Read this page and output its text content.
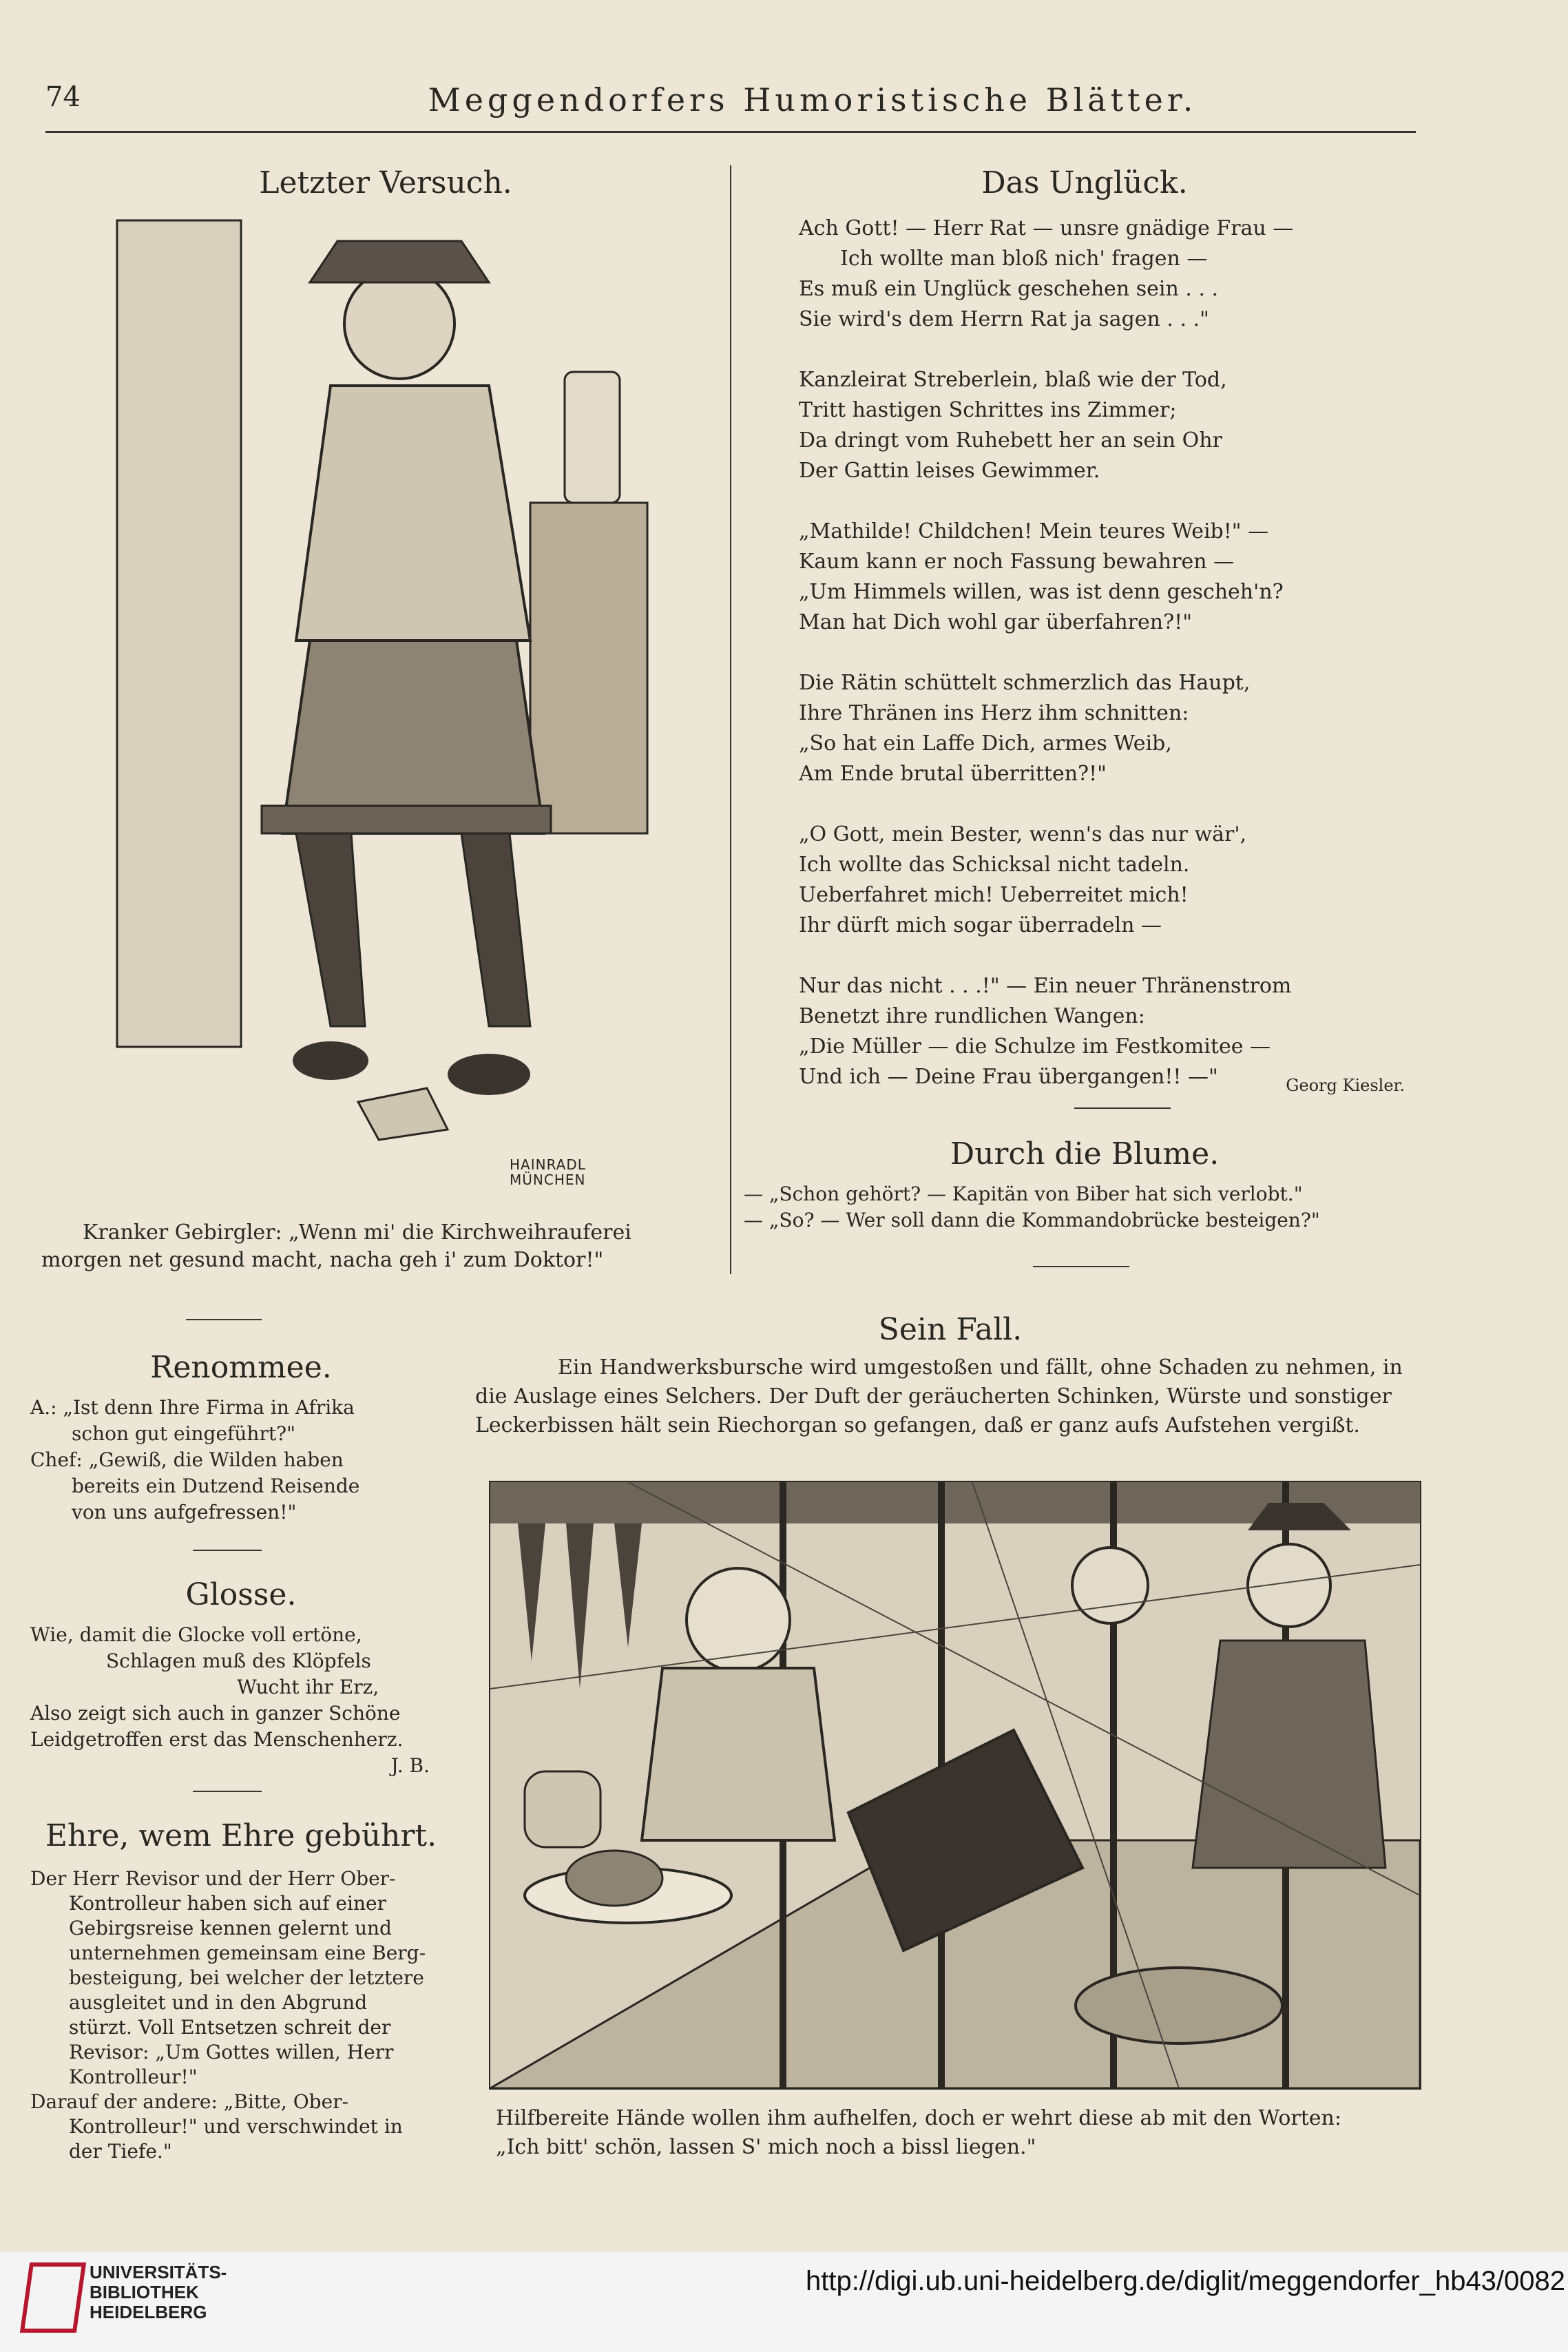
74	Meggendorfers Humoristische Blätter.
Letzter Versuch.
HAINRADL MÜNCHEN
Kranker Gebirgler: „Wenn mi' die Kirchweihrauferei morgen net gesund macht, nacha geh i' zum Doktor!"
Das Unglück.

Ach Gott! — Herr Rat — unsre gnädige Frau —

Ich wollte man bloß nich' fragen —

Es muß ein Unglück geschehen sein . . .

Sie wird's dem Herrn Rat ja sagen . . ."

Kanzleirat Streberlein, blaß wie der Tod,

Tritt hastigen Schrittes ins Zimmer;

Da dringt vom Ruhebett her an sein Ohr

Der Gattin leises Gewimmer.

„Mathilde! Childchen! Mein teures Weib!" —

Kaum kann er noch Fassung bewahren —

„Um Himmels willen, was ist denn gescheh'n?

Man hat Dich wohl gar überfahren?!"

Die Rätin schüttelt schmerzlich das Haupt,

Ihre Thränen ins Herz ihm schnitten:

„So hat ein Laffe Dich, armes Weib,

Am Ende brutal überritten?!"

„O Gott, mein Bester, wenn's das nur wär',

Ich wollte das Schicksal nicht tadeln.

Ueberfahret mich! Ueberreitet mich!

Ihr dürft mich sogar überradeln —

Nur das nicht . . .!" — Ein neuer Thränenstrom

Benetzt ihre rundlichen Wangen:

„Die Müller — die Schulze im Festkomitee —

Und ich — Deine Frau übergangen!! —"	Georg Kiesler.
Durch die Blume.
— „Schon gehört? — Kapitän von Biber hat sich verlobt."
— „So? — Wer soll dann die Kommandobrücke besteigen?"
Renommee.
A.: „Ist denn Ihre Firma in Afrika
schon gut eingeführt?"
Chef: „Gewiß, die Wilden haben
bereits ein Dutzend Reisende
von uns aufgefressen!"
Glosse.
Wie, damit die Glocke voll ertöne,
Schlagen muß des Klöpfels
Wucht ihr Erz,
Also zeigt sich auch in ganzer Schöne
Leidgetroffen erst das Menschenherz.
J. B.
Ehre, wem Ehre gebührt.
Der Herr Revisor und der Herr Ober-
Kontrolleur haben sich auf einer
Gebirgsreise kennen gelernt und
unternehmen gemeinsam eine Berg-
besteigung, bei welcher der letztere
ausgleitet und in den Abgrund
stürzt. Voll Entsetzen schreit der
Revisor: „Um Gottes willen, Herr
Kontrolleur!"
Darauf der andere: „Bitte, Ober-
Kontrolleur!" und verschwindet in
der Tiefe."
Sein Fall.
Ein Handwerksbursche wird umgestoßen und fällt, ohne Schaden zu nehmen, in
die Auslage eines Selchers. Der Duft der geräucherten Schinken, Würste und sonstiger
Leckerbissen hält sein Riechorgan so gefangen, daß er ganz aufs Aufstehen vergißt.
Hilfbereite Hände wollen ihm aufhelfen, doch er wehrt diese ab mit den Worten:
„Ich bitt' schön, lassen S' mich noch a bissl liegen."
UNIVERSITÄTS-
BIBLIOTHEK
HEIDELBERG
http://digi.ub.uni-heidelberg.de/diglit/meggendorfer_hb43/0082
